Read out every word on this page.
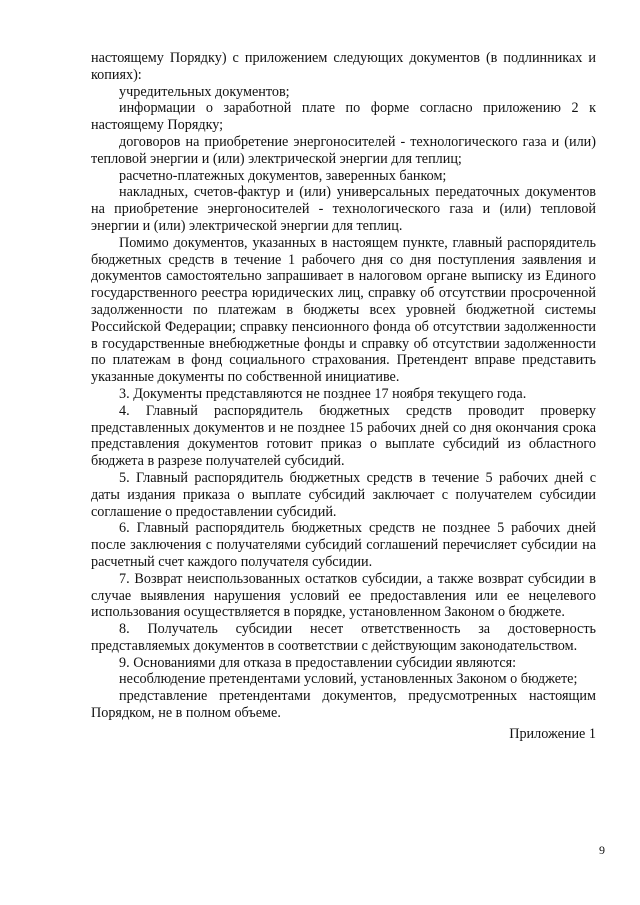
настоящему Порядку) с приложением следующих документов (в подлинниках и копиях):

учредительных документов;

информации о заработной плате по форме согласно приложению 2 к настоящему Порядку;

договоров на приобретение энергоносителей - технологического газа и (или) тепловой энергии и (или) электрической энергии для теплиц;

расчетно-платежных документов, заверенных банком;

накладных, счетов-фактур и (или) универсальных передаточных документов на приобретение энергоносителей - технологического газа и (или) тепловой энергии и (или) электрической энергии для теплиц.

Помимо документов, указанных в настоящем пункте, главный распорядитель бюджетных средств в течение 1 рабочего дня со дня поступления заявления и документов самостоятельно запрашивает в налоговом органе выписку из Единого государственного реестра юридических лиц, справку об отсутствии просроченной задолженности по платежам в бюджеты всех уровней бюджетной системы Российской Федерации; справку пенсионного фонда об отсутствии задолженности в государственные внебюджетные фонды и справку об отсутствии задолженности по платежам в фонд социального страхования. Претендент вправе представить указанные документы по собственной инициативе.

3. Документы представляются не позднее 17 ноября текущего года.

4. Главный распорядитель бюджетных средств проводит проверку представленных документов и не позднее 15 рабочих дней со дня окончания срока представления документов готовит приказ о выплате субсидий из областного бюджета в разрезе получателей субсидий.

5. Главный распорядитель бюджетных средств в течение 5 рабочих дней с даты издания приказа о выплате субсидий заключает с получателем субсидии соглашение о предоставлении субсидий.

6. Главный распорядитель бюджетных средств не позднее 5 рабочих дней после заключения с получателями субсидий соглашений перечисляет субсидии на расчетный счет каждого получателя субсидии.

7. Возврат неиспользованных остатков субсидии, а также возврат субсидии в случае выявления нарушения условий ее предоставления или ее нецелевого использования осуществляется в порядке, установленном Законом о бюджете.

8. Получатель субсидии несет ответственность за достоверность представляемых документов в соответствии с действующим законодательством.

9. Основаниями для отказа в предоставлении субсидии являются:

несоблюдение претендентами условий, установленных Законом о бюджете;

представление претендентами документов, предусмотренных настоящим Порядком, не в полном объеме.

Приложение 1

9
